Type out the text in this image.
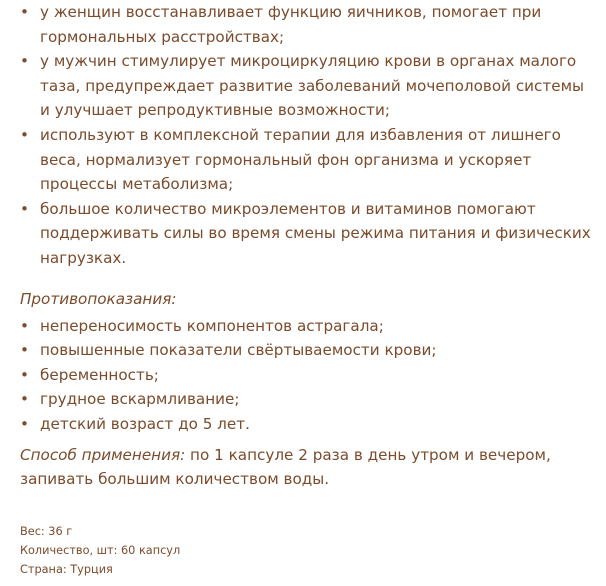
• у женщин восстанавливает функцию яичников, помогает при гормональных расстройствах;
• у мужчин стимулирует микроциркуляцию крови в органах малого таза, предупреждает развитие заболеваний мочеполовой системы и улучшает репродуктивные возможности;
• используют в комплексной терапии для избавления от лишнего веса, нормализует гормональный фон организма и ускоряет процессы метаболизма;
• большое количество микроэлементов и витаминов помогают поддерживать силы во время смены режима питания и физических нагрузках.
Противопоказания:
• непереносимость компонентов астрагала;
• повышенные показатели свёртываемости крови;
• беременность;
• грудное вскармливание;
• детский возраст до 5 лет.
Способ применения: по 1 капсуле 2 раза в день утром и вечером, запивать большим количеством воды.
Вес: 36 г
Количество, шт: 60 капсул
Страна: Турция
